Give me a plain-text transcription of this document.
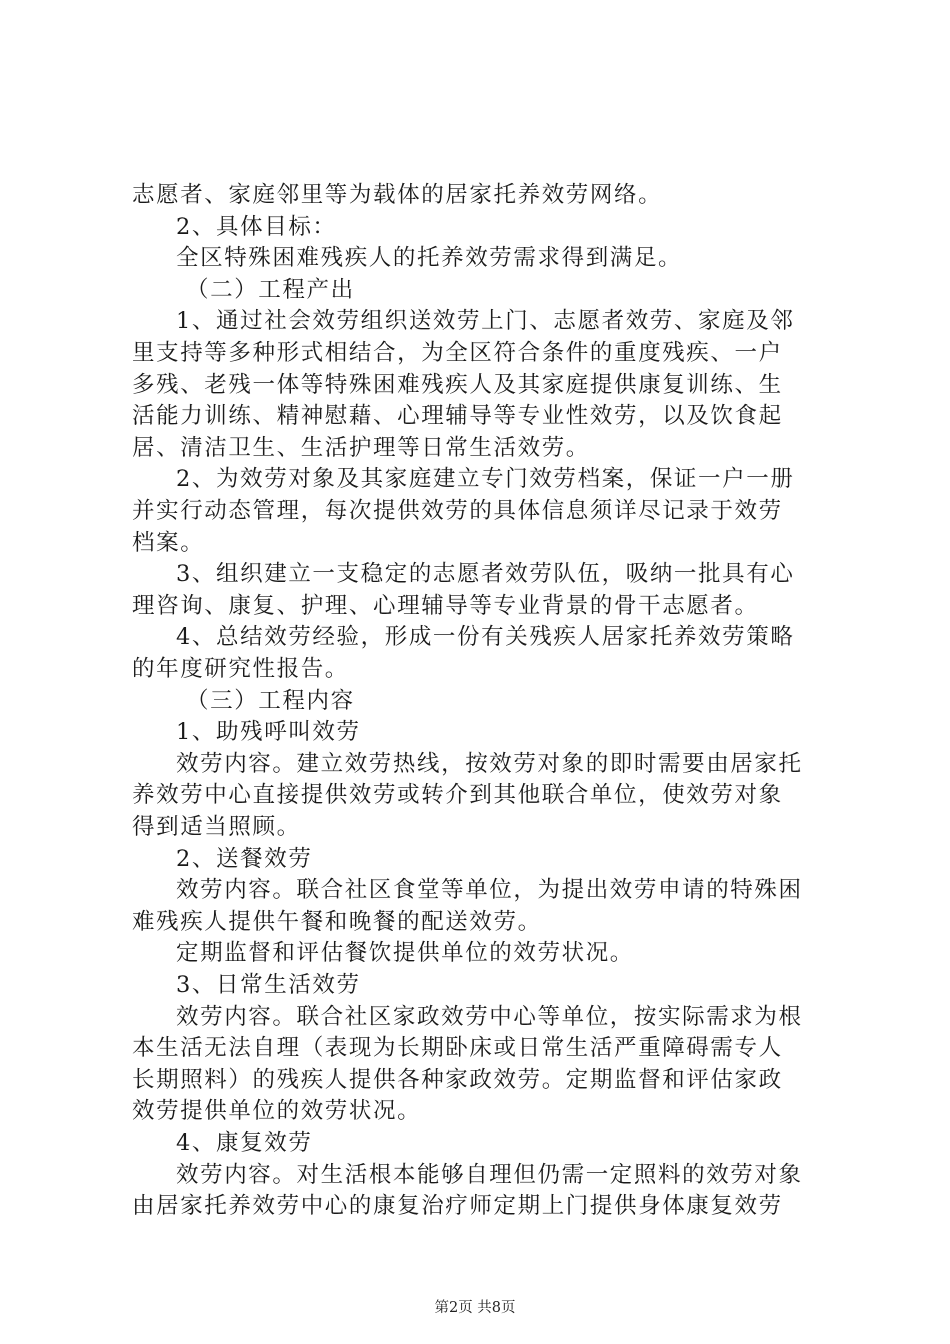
志愿者、家庭邻里等为载体的居家托养效劳网络。
2、具体目标：
全区特殊困难残疾人的托养效劳需求得到满足。
（二）工程产出
1、通过社会效劳组织送效劳上门、志愿者效劳、家庭及邻
里支持等多种形式相结合，为全区符合条件的重度残疾、一户
多残、老残一体等特殊困难残疾人及其家庭提供康复训练、生
活能力训练、精神慰藉、心理辅导等专业性效劳，以及饮食起
居、清洁卫生、生活护理等日常生活效劳。
2、为效劳对象及其家庭建立专门效劳档案，保证一户一册
并实行动态管理，每次提供效劳的具体信息须详尽记录于效劳
档案。
3、组织建立一支稳定的志愿者效劳队伍，吸纳一批具有心
理咨询、康复、护理、心理辅导等专业背景的骨干志愿者。
4、总结效劳经验，形成一份有关残疾人居家托养效劳策略
的年度研究性报告。
（三）工程内容
1、助残呼叫效劳
效劳内容。建立效劳热线，按效劳对象的即时需要由居家托
养效劳中心直接提供效劳或转介到其他联合单位，使效劳对象
得到适当照顾。
2、送餐效劳
效劳内容。联合社区食堂等单位，为提出效劳申请的特殊困
难残疾人提供午餐和晚餐的配送效劳。
定期监督和评估餐饮提供单位的效劳状况。
3、日常生活效劳
效劳内容。联合社区家政效劳中心等单位，按实际需求为根
本生活无法自理（表现为长期卧床或日常生活严重障碍需专人
长期照料）的残疾人提供各种家政效劳。定期监督和评估家政
效劳提供单位的效劳状况。
4、康复效劳
效劳内容。对生活根本能够自理但仍需一定照料的效劳对象
由居家托养效劳中心的康复治疗师定期上门提供身体康复效劳
第2页 共8页
